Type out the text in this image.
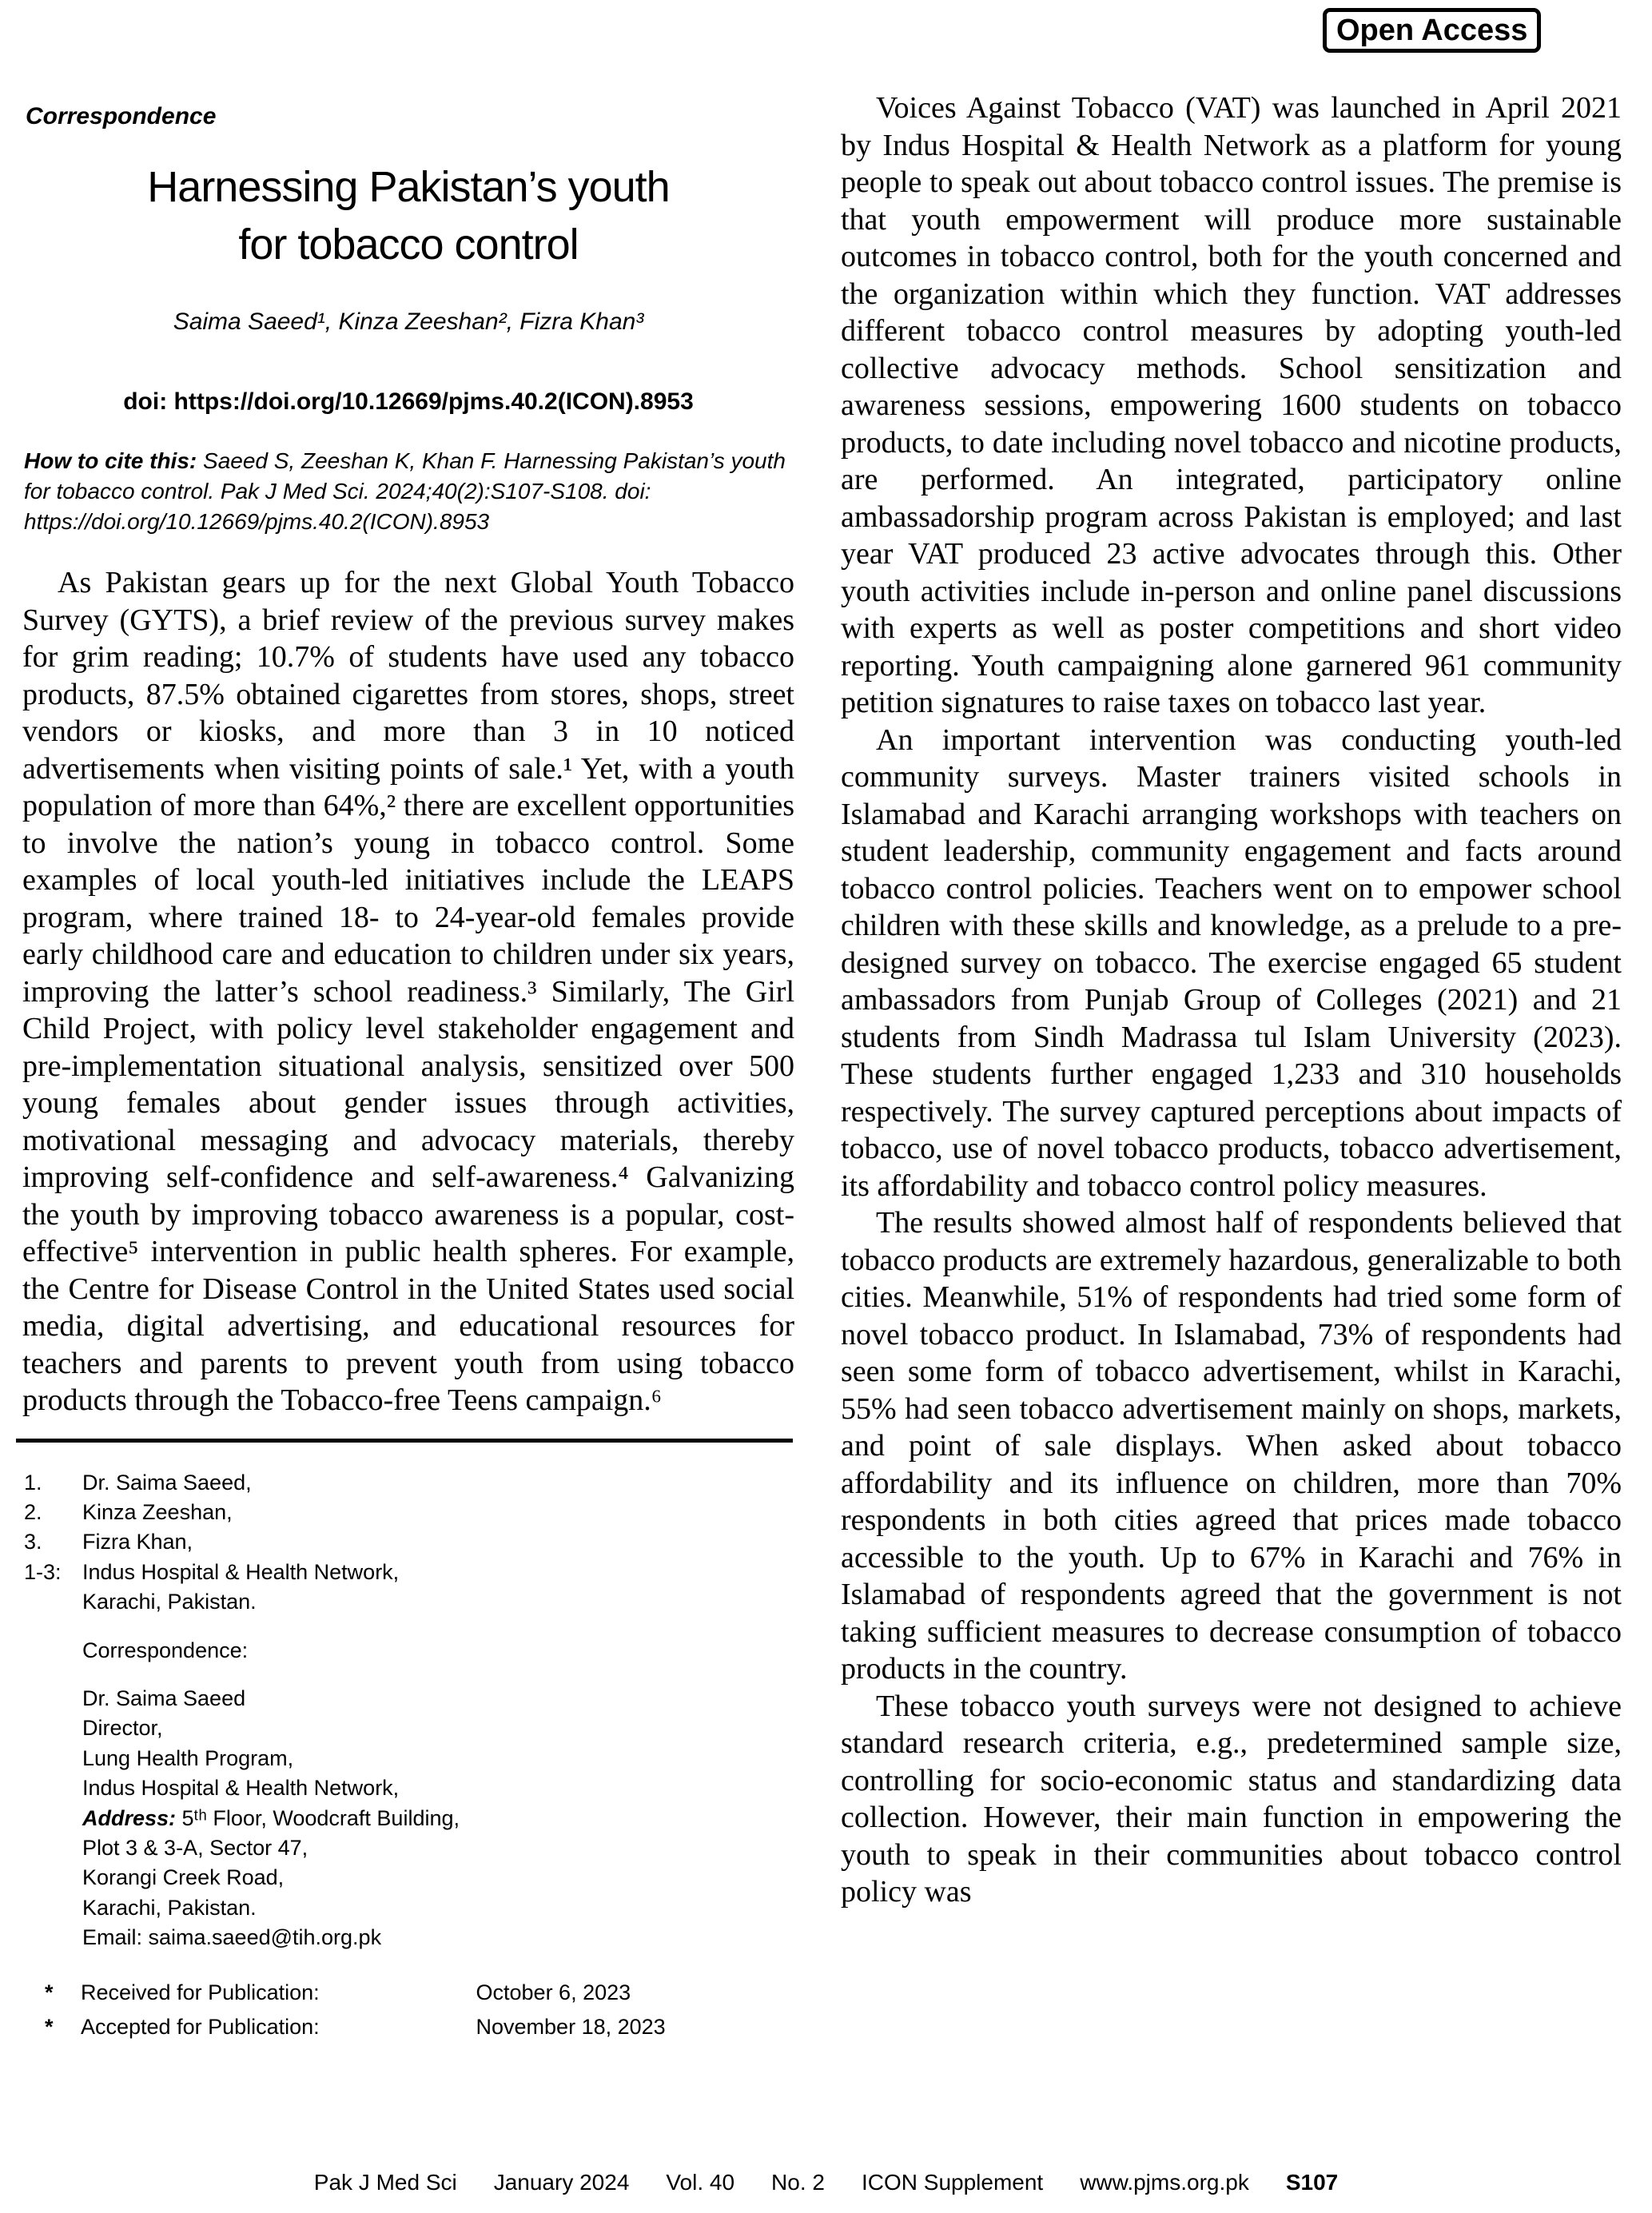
Open Access
Correspondence
Harnessing Pakistan’s youth
for tobacco control
Saima Saeed¹, Kinza Zeeshan², Fizra Khan³
doi: https://doi.org/10.12669/pjms.40.2(ICON).8953

How to cite this: Saeed S, Zeeshan K, Khan F. Harnessing Pakistan’s youth for tobacco control. Pak J Med Sci. 2024;40(2):S107-S108. doi: https://doi.org/10.12669/pjms.40.2(ICON).8953

As Pakistan gears up for the next Global Youth Tobacco Survey (GYTS), a brief review of the previous survey makes for grim reading; 10.7% of students have used any tobacco products, 87.5% obtained cigarettes from stores, shops, street vendors or kiosks, and more than 3 in 10 noticed advertisements when visiting points of sale.¹ Yet, with a youth population of more than 64%,² there are excellent opportunities to involve the nation’s young in tobacco control. Some examples of local youth-led initiatives include the LEAPS program, where trained 18- to 24-year-old females provide early childhood care and education to children under six years, improving the latter’s school readiness.³ Similarly, The Girl Child Project, with policy level stakeholder engagement and pre-implementation situational analysis, sensitized over 500 young females about gender issues through activities, motivational messaging and advocacy materials, thereby improving self-confidence and self-awareness.⁴ Galvanizing the youth by improving tobacco awareness is a popular, cost-effective⁵ intervention in public health spheres. For example, the Centre for Disease Control in the United States used social media, digital advertising, and educational resources for teachers and parents to prevent youth from using tobacco products through the Tobacco-free Teens campaign.⁶

1. Dr. Saima Saeed,
2. Kinza Zeeshan,
3. Fizra Khan,
1-3: Indus Hospital & Health Network,
Karachi, Pakistan.
Correspondence:
Dr. Saima Saeed
Director,
Lung Health Program,
Indus Hospital & Health Network,
Address: 5ᵗʰ Floor, Woodcraft Building,
Plot 3 & 3-A, Sector 47,
Korangi Creek Road,
Karachi, Pakistan.
Email: saima.saeed@tih.org.pk
* Received for Publication:	October 6, 2023
* Accepted for Publication:	November 18, 2023

Voices Against Tobacco (VAT) was launched in April 2021 by Indus Hospital & Health Network as a platform for young people to speak out about tobacco control issues. The premise is that youth empowerment will produce more sustainable outcomes in tobacco control, both for the youth concerned and the organization within which they function. VAT addresses different tobacco control measures by adopting youth-led collective advocacy methods. School sensitization and awareness sessions, empowering 1600 students on tobacco products, to date including novel tobacco and nicotine products, are performed. An integrated, participatory online ambassadorship program across Pakistan is employed; and last year VAT produced 23 active advocates through this. Other youth activities include in-person and online panel discussions with experts as well as poster competitions and short video reporting. Youth campaigning alone garnered 961 community petition signatures to raise taxes on tobacco last year.

An important intervention was conducting youth-led community surveys. Master trainers visited schools in Islamabad and Karachi arranging workshops with teachers on student leadership, community engagement and facts around tobacco control policies. Teachers went on to empower school children with these skills and knowledge, as a prelude to a pre-designed survey on tobacco. The exercise engaged 65 student ambassadors from Punjab Group of Colleges (2021) and 21 students from Sindh Madrassa tul Islam University (2023). These students further engaged 1,233 and 310 households respectively. The survey captured perceptions about impacts of tobacco, use of novel tobacco products, tobacco advertisement, its affordability and tobacco control policy measures.

The results showed almost half of respondents believed that tobacco products are extremely hazardous, generalizable to both cities. Meanwhile, 51% of respondents had tried some form of novel tobacco product. In Islamabad, 73% of respondents had seen some form of tobacco advertisement, whilst in Karachi, 55% had seen tobacco advertisement mainly on shops, markets, and point of sale displays. When asked about tobacco affordability and its influence on children, more than 70% respondents in both cities agreed that prices made tobacco accessible to the youth. Up to 67% in Karachi and 76% in Islamabad of respondents agreed that the government is not taking sufficient measures to decrease consumption of tobacco products in the country.

These tobacco youth surveys were not designed to achieve standard research criteria, e.g., predetermined sample size, controlling for socio-economic status and standardizing data collection. However, their main function in empowering the youth to speak in their communities about tobacco control policy was

Pak J Med Sci January 2024 Vol. 40 No. 2 ICON Supplement www.pjms.org.pk S107
